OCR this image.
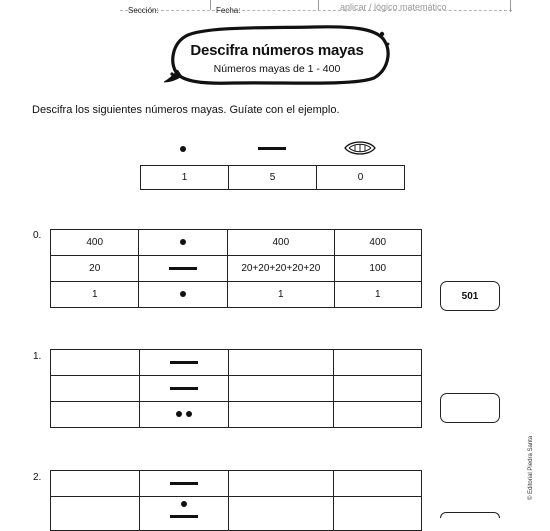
Sección:	Fecha:	aplicar / lógico matemático
Descifra números mayas
Números mayas de 1 - 400
Descifra los siguientes números mayas. Guíate con el ejemplo.
1	5	0
0.
400		400	400
20		20+20+20+20+20	100
1		1	1	501
1.

2.

			© Editorial Piedra Santa
